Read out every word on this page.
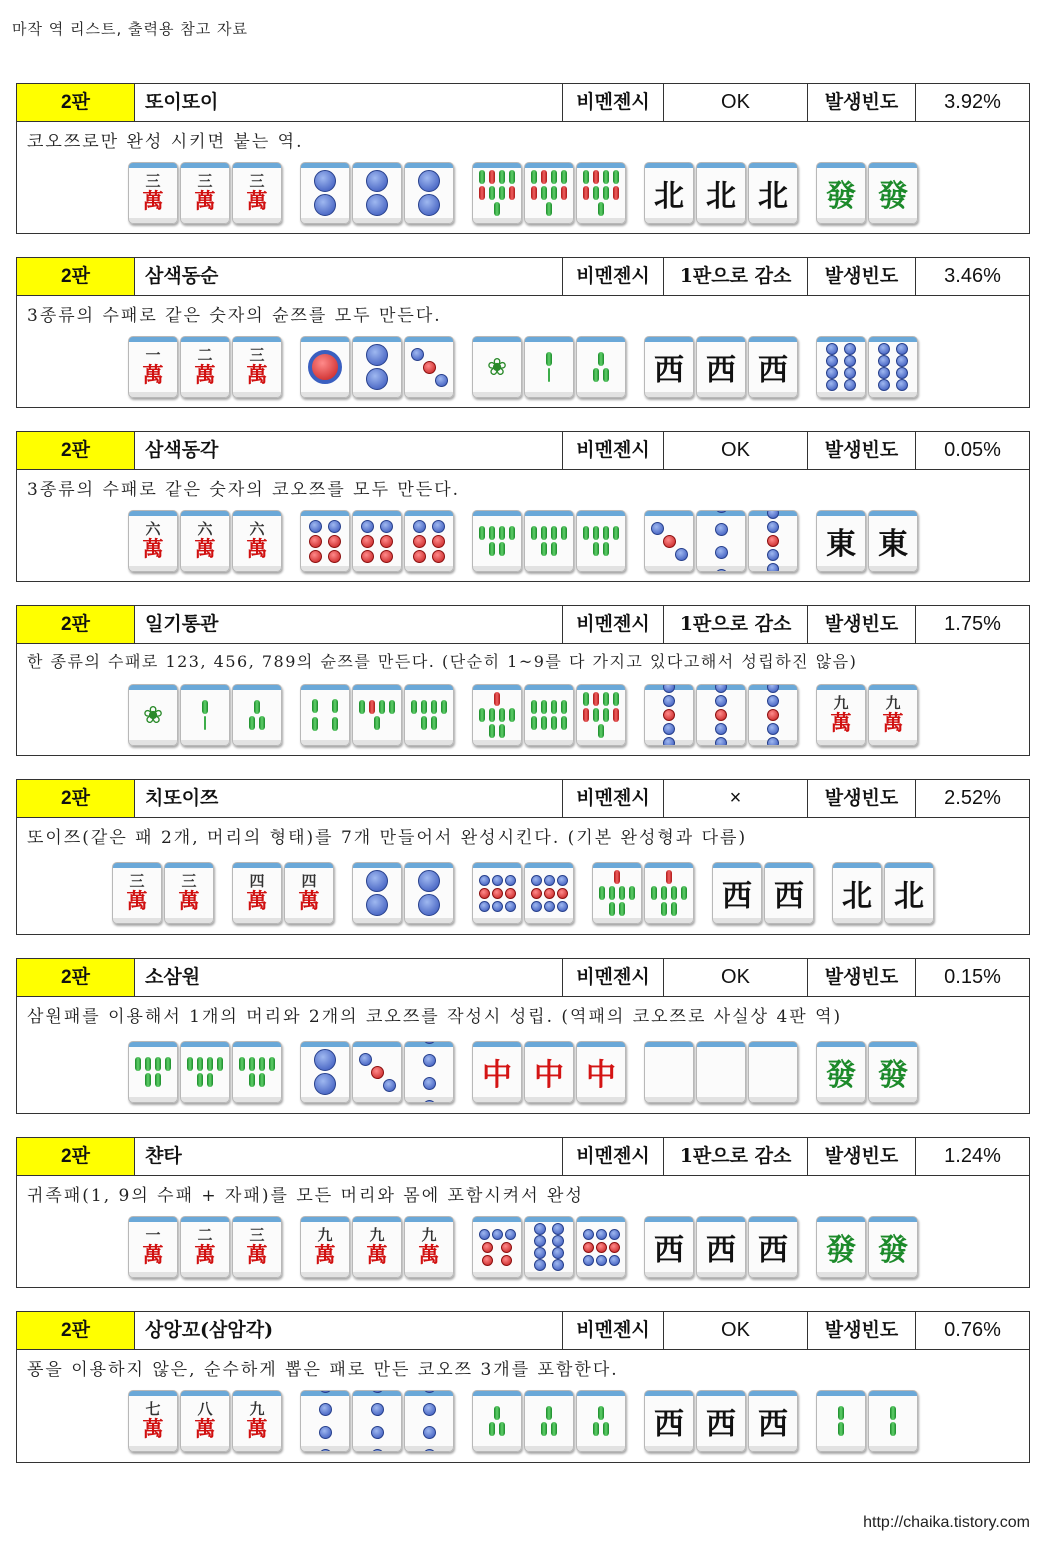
마작 역 리스트, 출력용 참고 자료
2판	또이또이	비멘젠시	OK	발생빈도	3.92%
코오쯔로만 완성 시키면 붙는 역.
三
萬
三
萬
三
萬	北 北 北	發 發
2판	삼색동순	비멘젠시	1판으로 감소	발생빈도	3.46%
3종류의 수패로 같은 숫자의 슌쯔를 모두 만든다.
一
萬
二
萬
三
萬	❀	西 西 西
2판	삼색동각	비멘젠시	OK	발생빈도	0.05%
3종류의 수패로 같은 숫자의 코오쯔를 모두 만든다.
六
萬
六
萬
六
萬	東 東
2판	일기통관	비멘젠시	1판으로 감소	발생빈도	1.75%
한 종류의 수패로 123, 456, 789의 슌쯔를 만든다. (단순히 1~9를 다 가지고 있다고해서 성립하진 않음)
❀	九
萬
九
萬
2판	치또이쯔	비멘젠시	×	발생빈도	2.52%
또이쯔(같은 패 2개, 머리의 형태)를 7개 만들어서 완성시킨다. (기본 완성형과 다름)
三
萬
三
萬
四
萬
四
萬	西 西	北 北
2판	소삼원	비멘젠시	OK	발생빈도	0.15%
삼원패를 이용해서 1개의 머리와 2개의 코오쯔를 작성시 성립. (역패의 코오쯔로 사실상 4판 역)
中 中 中	發 發
2판	챤타	비멘젠시	1판으로 감소	발생빈도	1.24%
귀족패(1, 9의 수패 + 자패)를 모든 머리와 몸에 포함시켜서 완성
一
萬
二
萬
三
萬
九
萬
九
萬
九
萬	西 西 西	發 發
2판	상앙꼬(삼암각)	비멘젠시	OK	발생빈도	0.76%
퐁을 이용하지 않은, 순수하게 뽑은 패로 만든 코오쯔 3개를 포함한다.
七
萬
八
萬
九
萬	西 西 西
http://chaika.tistory.com
